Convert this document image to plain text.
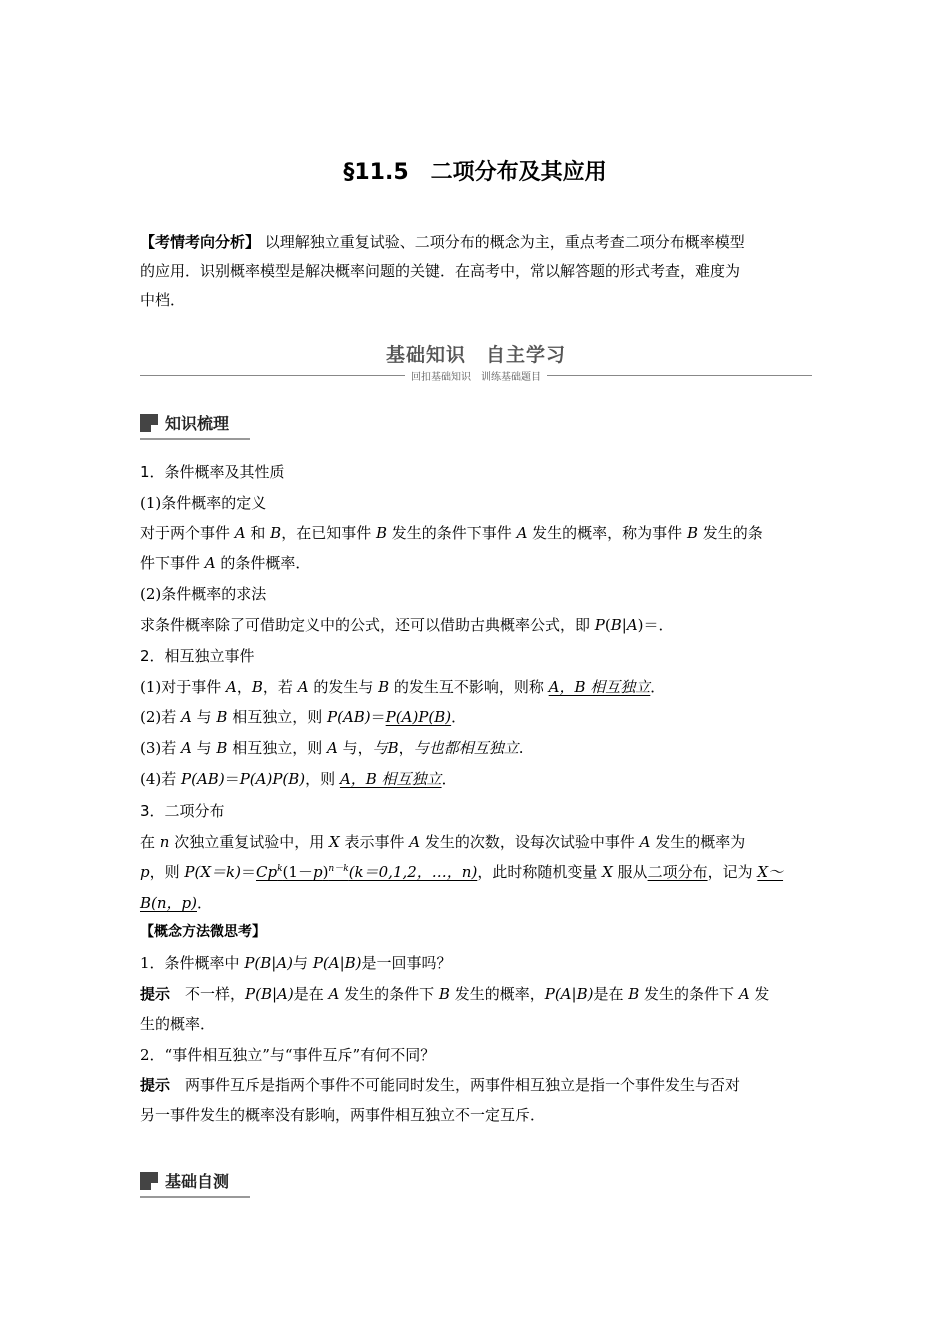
§11.5　二项分布及其应用
【考情考向分析】 以理解独立重复试验、二项分布的概念为主，重点考查二项分布概率模型
的应用．识别概率模型是解决概率问题的关键．在高考中，常以解答题的形式考查，难度为
中档．
基础知识　自主学习
回扣基础知识　训练基础题目
知识梳理
1．条件概率及其性质
(1)条件概率的定义
对于两个事件 A 和 B，在已知事件 B 发生的条件下事件 A 发生的概率，称为事件 B 发生的条
件下事件 A 的条件概率．
(2)条件概率的求法
求条件概率除了可借助定义中的公式，还可以借助古典概率公式，即 P(B|A)＝．
2．相互独立事件
(1)对于事件 A，B，若 A 的发生与 B 的发生互不影响，则称 A，B 相互独立．
(2)若 A 与 B 相互独立，则 P(AB)＝P(A)P(B)．
(3)若 A 与 B 相互独立，则 A 与，与B，与也都相互独立.
(4)若 P(AB)＝P(A)P(B)，则 A，B 相互独立．
3．二项分布
在 n 次独立重复试验中，用 X 表示事件 A 发生的次数，设每次试验中事件 A 发生的概率为
p，则 $P(X=k)=Cp^k(1-p)^{n-k}(k=0,1,2$，…，n)，此时称随机变量 X 服从二项分布，记为 X～
B(n，p)．
【概念方法微思考】
1．条件概率中 P(B|A)与 P(A|B)是一回事吗？
提示　不一样，P(B|A)是在 A 发生的条件下 B 发生的概率，P(A|B)是在 B 发生的条件下 A 发
生的概率．
2．“事件相互独立”与“事件互斥”有何不同？
提示　两事件互斥是指两个事件不可能同时发生，两事件相互独立是指一个事件发生与否对
另一事件发生的概率没有影响，两事件相互独立不一定互斥．
基础自测
